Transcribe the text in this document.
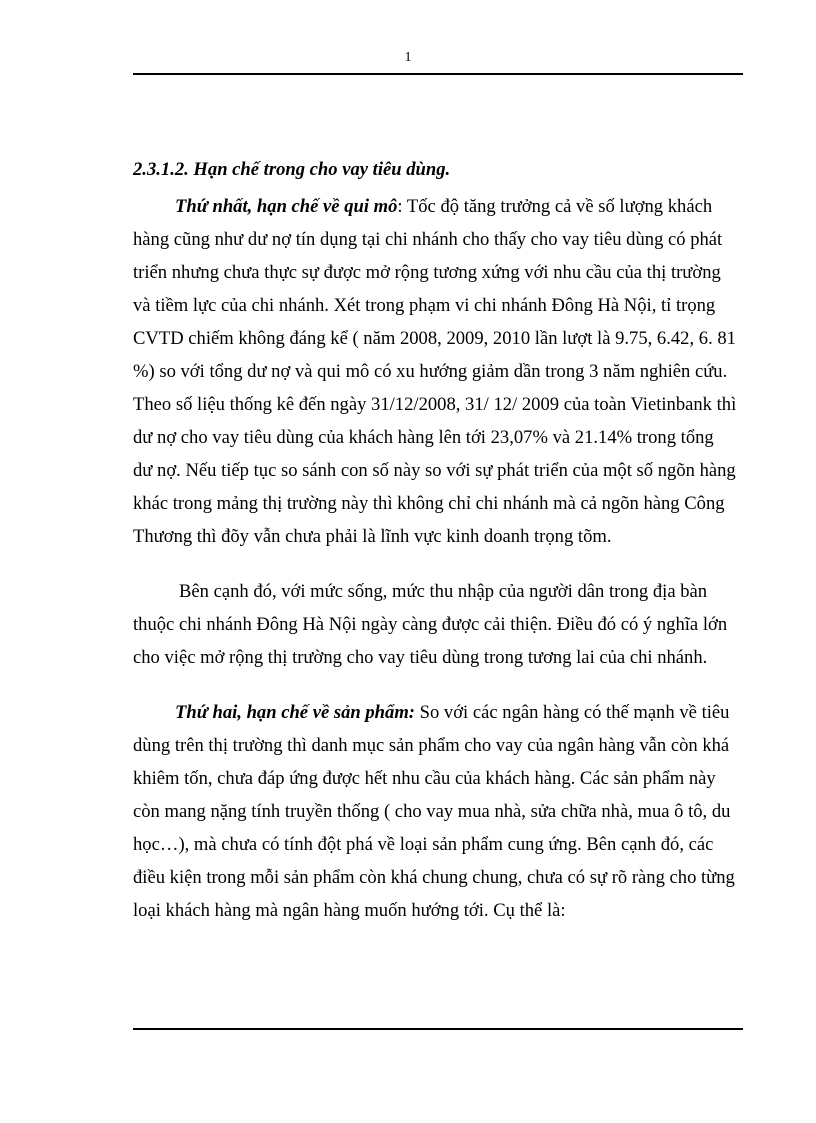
1
2.3.1.2. Hạn chế trong cho vay tiêu dùng.
Thứ nhất, hạn chế về qui mô: Tốc độ tăng trưởng cả về số lượng khách
hàng cũng như dư nợ tín dụng tại chi nhánh cho thấy cho vay tiêu dùng có phát
triển nhưng chưa thực sự được mở rộng tương xứng với nhu cầu của thị trường
và tiềm lực của chi nhánh. Xét trong phạm vi chi nhánh Đông Hà Nội, tỉ trọng
CVTD chiếm không đáng kể ( năm 2008, 2009, 2010 lần lượt là 9.75, 6.42, 6. 81
%) so với tổng dư nợ và qui mô có xu hướng giảm dần trong 3 năm nghiên cứu.
Theo số liệu thống kê đến ngày 31/12/2008, 31/ 12/ 2009 của toàn Vietinbank thì
dư nợ cho vay tiêu dùng của khách hàng lên tới 23,07% và 21.14% trong tổng
dư nợ. Nếu tiếp tục so sánh con số này so với sự phát triển của một số ngõn hàng
khác trong mảng thị trường này thì không chỉ chi nhánh mà cả ngõn hàng Công
Thương thì đõy vẫn chưa phải là lĩnh vực kinh doanh trọng tõm.
Bên cạnh đó, với mức sống, mức thu nhập của người dân trong địa bàn
thuộc chi nhánh Đông Hà Nội ngày càng được cải thiện. Điều đó có ý nghĩa lớn
cho việc mở rộng thị trường cho vay tiêu dùng trong tương lai của chi nhánh.
Thứ hai, hạn chế về sản phẩm: So với các ngân hàng có thế mạnh về tiêu
dùng trên thị trường thì danh mục sản phẩm cho vay của ngân hàng vẫn còn khá
khiêm tốn, chưa đáp ứng được hết nhu cầu của khách hàng. Các sản phẩm này
còn mang nặng tính truyền thống ( cho vay mua nhà, sửa chữa nhà, mua ô tô, du
học…), mà chưa có tính đột phá về loại sản phẩm cung ứng. Bên cạnh đó, các
điều kiện trong mỗi sản phẩm còn khá chung chung, chưa có sự rõ ràng cho từng
loại khách hàng mà ngân hàng muốn hướng tới. Cụ thể là:
